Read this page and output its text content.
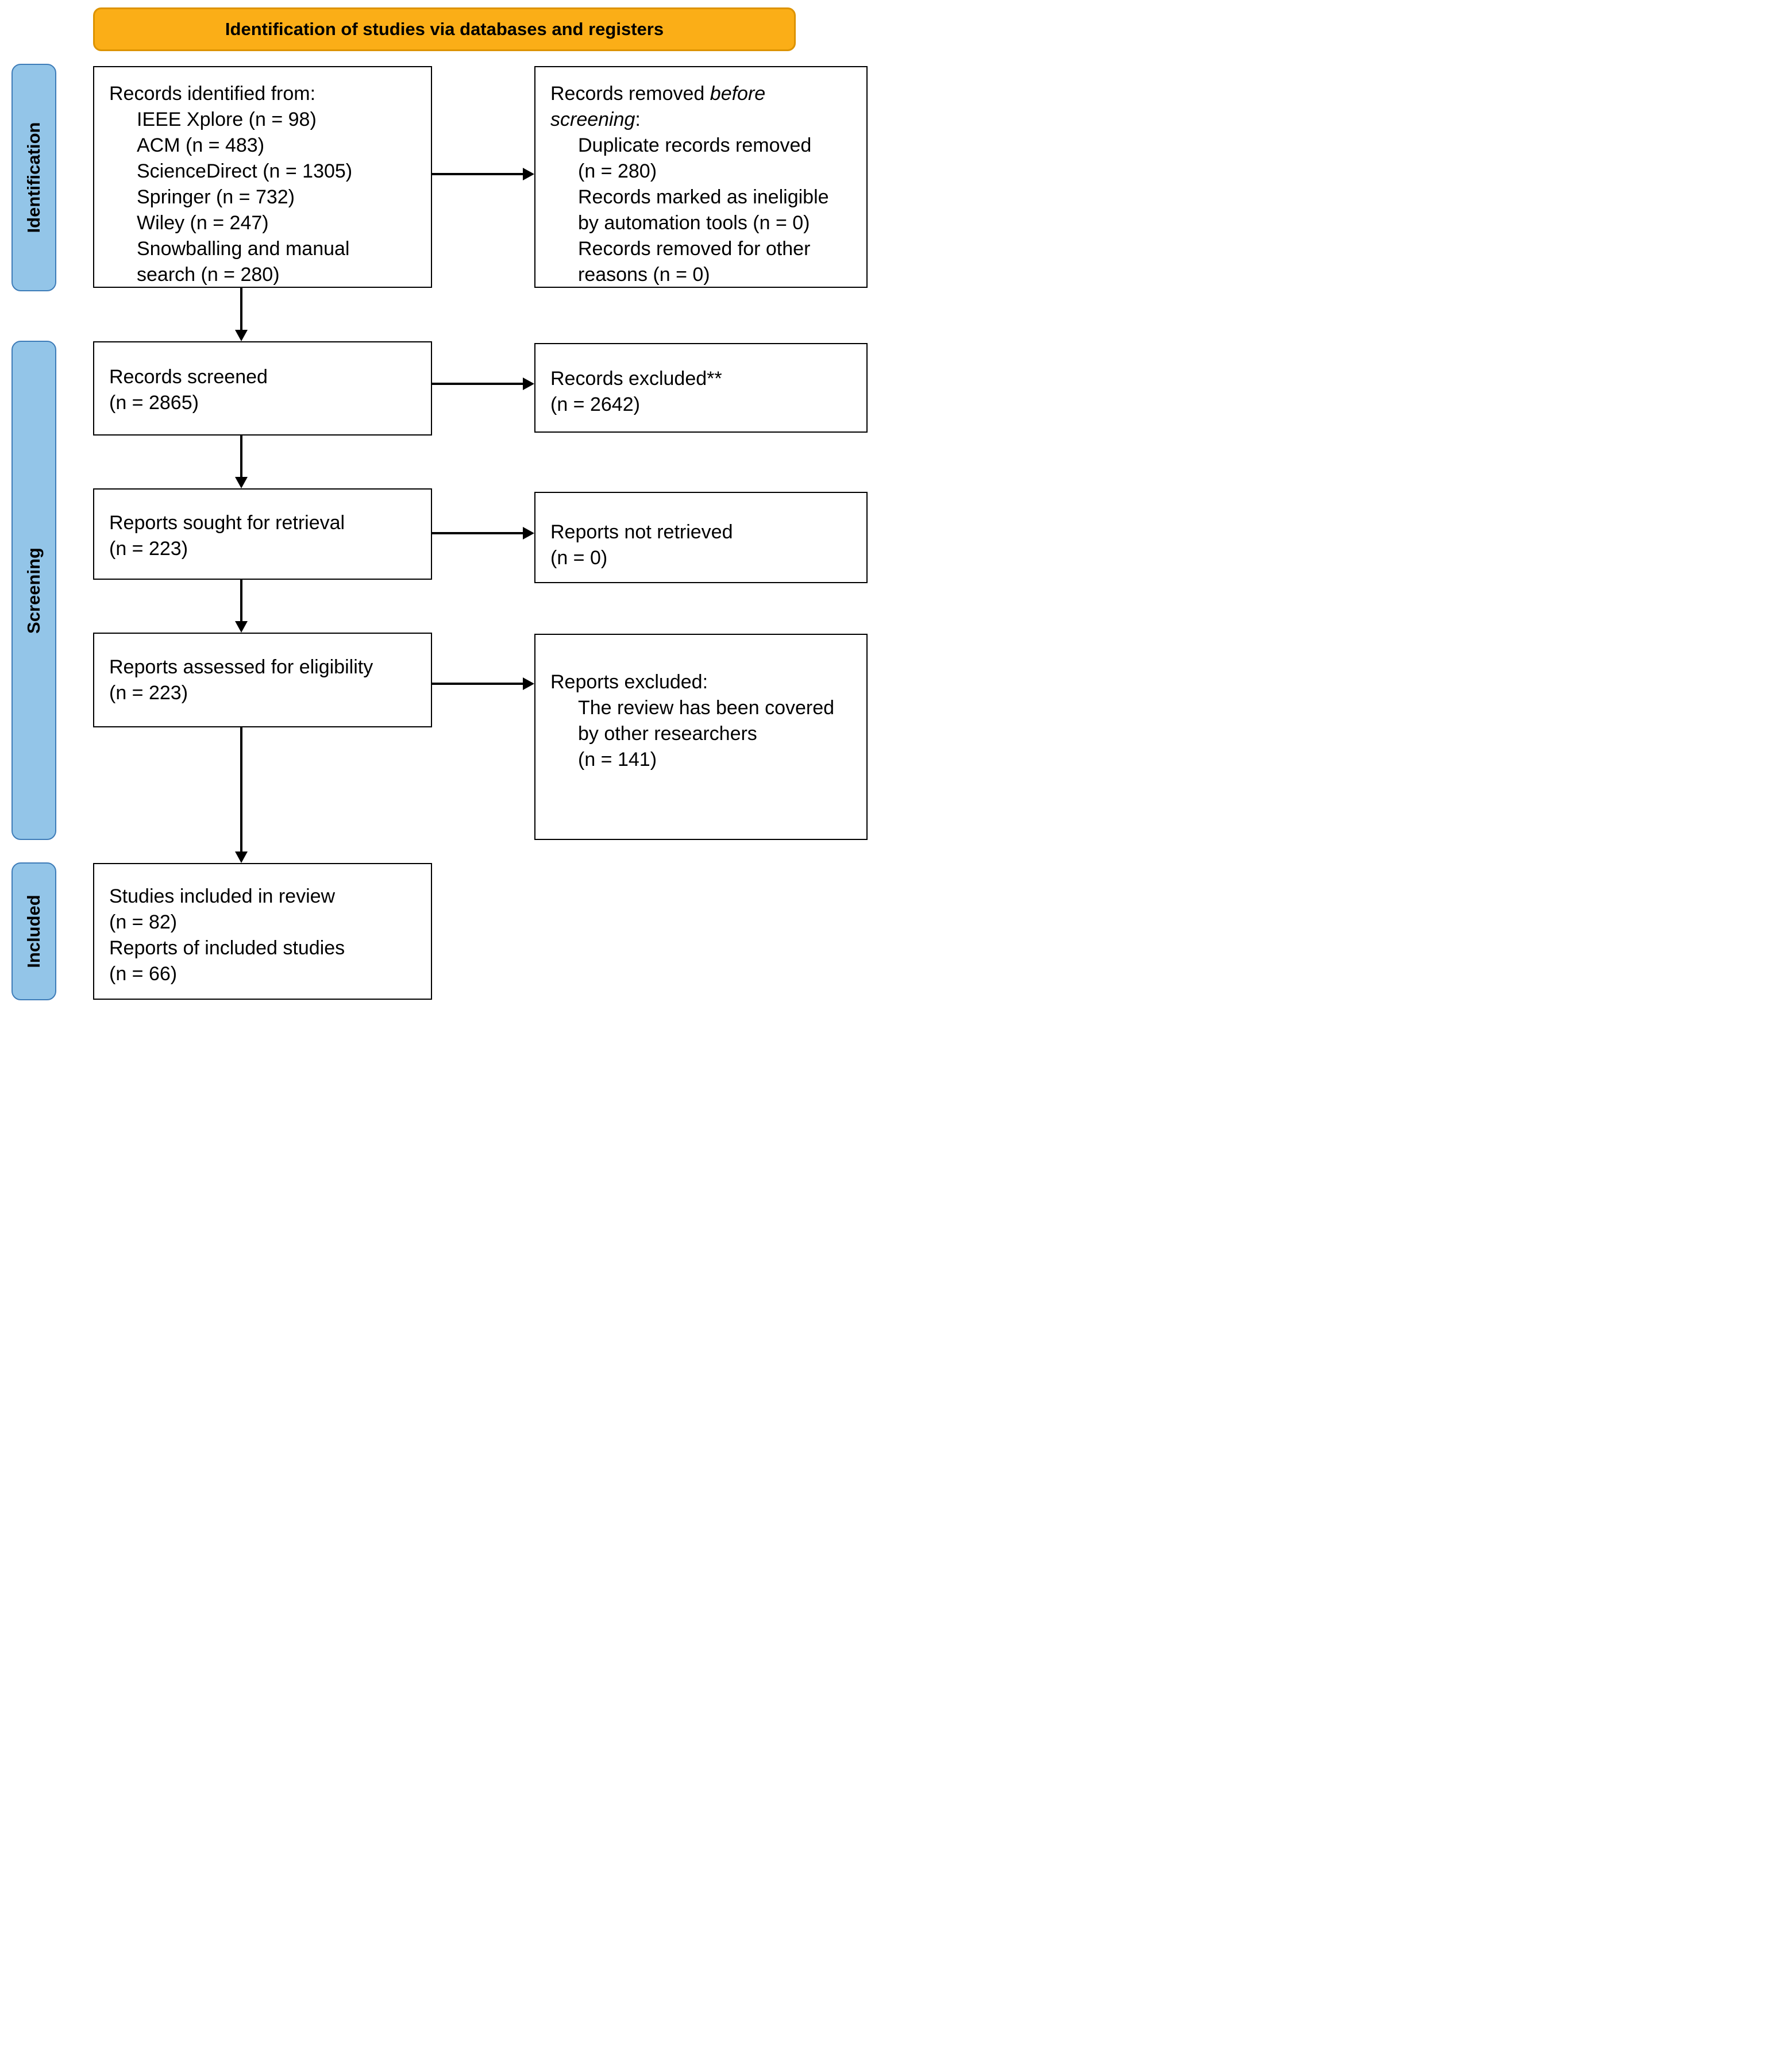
Identification of studies via databases and registers
Identification
Screening
Included
Records identified from:
IEEE Xplore (n = 98)
ACM (n = 483)
ScienceDirect (n = 1305)
Springer (n = 732)
Wiley (n = 247)
Snowballing and manual
search (n = 280)
Records removed before
screening:
Duplicate records removed
(n = 280)
Records marked as ineligible
by automation tools (n = 0)
Records removed for other
reasons (n = 0)
Records screened
(n = 2865)
Records excluded**
(n = 2642)
Reports sought for retrieval
(n = 223)
Reports not retrieved
(n = 0)
Reports assessed for eligibility
(n = 223)	Reports excluded:
The review has been covered
by other researchers
(n = 141)
Studies included in review
(n = 82)
Reports of included studies
(n = 66)
